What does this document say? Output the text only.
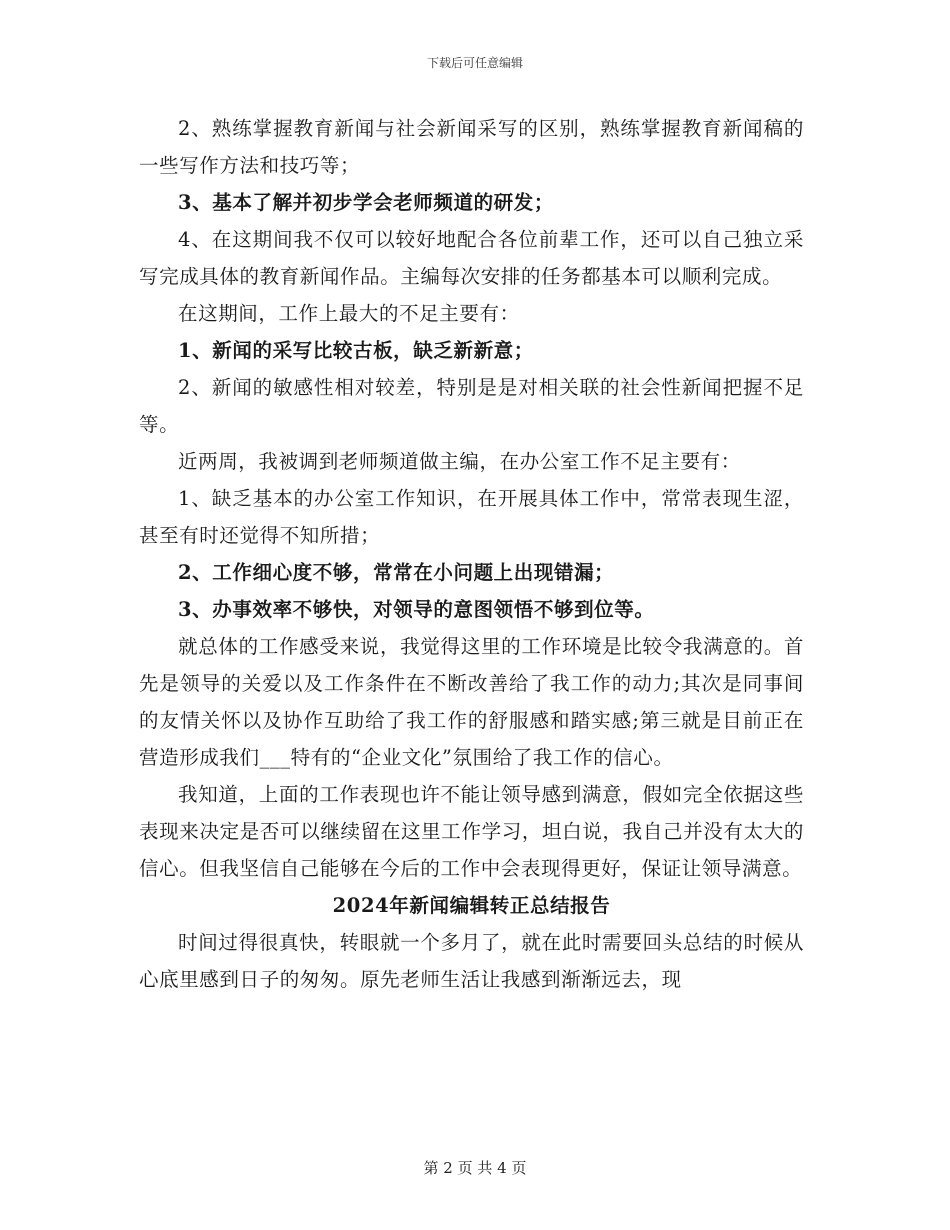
下载后可任意编辑

2、熟练掌握教育新闻与社会新闻采写的区别，熟练掌握教育新闻稿的一些写作方法和技巧等；

3、基本了解并初步学会老师频道的研发；

4、在这期间我不仅可以较好地配合各位前辈工作，还可以自己独立采写完成具体的教育新闻作品。主编每次安排的任务都基本可以顺利完成。

在这期间，工作上最大的不足主要有：

1、新闻的采写比较古板，缺乏新新意；

2、新闻的敏感性相对较差，特别是是对相关联的社会性新闻把握不足等。

近两周，我被调到老师频道做主编，在办公室工作不足主要有：

1、缺乏基本的办公室工作知识，在开展具体工作中，常常表现生涩，甚至有时还觉得不知所措；

2、工作细心度不够，常常在小问题上出现错漏；

3、办事效率不够快，对领导的意图领悟不够到位等。

就总体的工作感受来说，我觉得这里的工作环境是比较令我满意的。首先是领导的关爱以及工作条件在不断改善给了我工作的动力;其次是同事间的友情关怀以及协作互助给了我工作的舒服感和踏实感;第三就是目前正在营造形成我们___特有的“企业文化”氛围给了我工作的信心。

我知道，上面的工作表现也许不能让领导感到满意，假如完全依据这些表现来决定是否可以继续留在这里工作学习，坦白说，我自己并没有太大的信心。但我坚信自己能够在今后的工作中会表现得更好，保证让领导满意。

2024年新闻编辑转正总结报告

时间过得很真快，转眼就一个多月了，就在此时需要回头总结的时候从心底里感到日子的匆匆。原先老师生活让我感到渐渐远去，现

第 2 页 共 4 页
